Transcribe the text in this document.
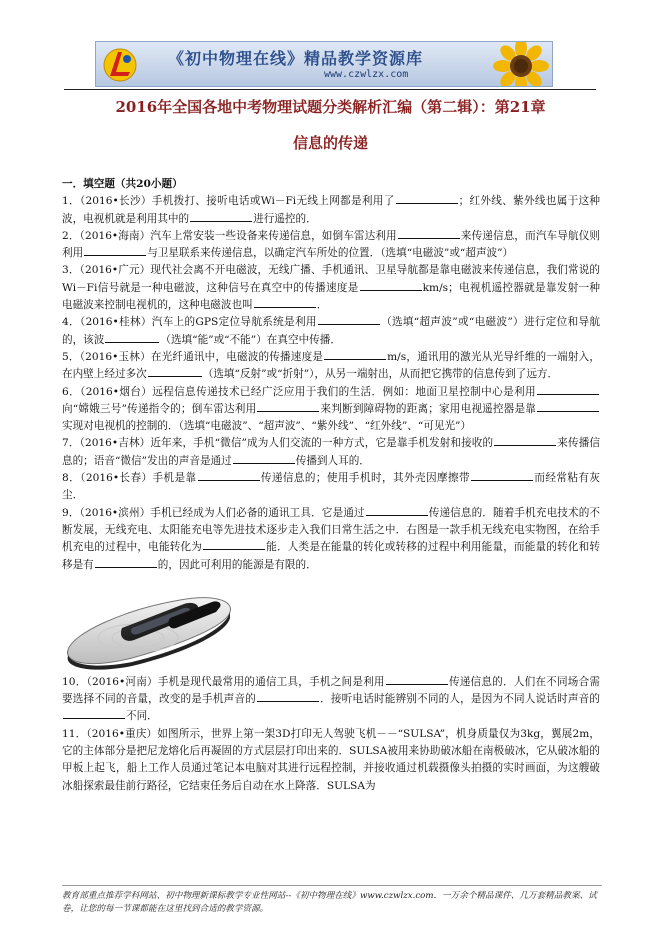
《初中物理在线》精品教学资源库
www.czwlzx.com
2016年全国各地中考物理试题分类解析汇编（第二辑）：第21章
信息的传递

一．填空题（共20小题）

1．（2016•长沙）手机拨打、接听电话或Wi－Fi无线上网都是利用了	；红外线、紫外线也属于这种波，电视机就是利用其中的	进行遥控的．

2．（2016•海南）汽车上常安装一些设备来传递信息，如倒车雷达利用	来传递信息，而汽车导航仪则利用	与卫星联系来传递信息，以确定汽车所处的位置．（选填“电磁波”或“超声波”）

3．（2016•广元）现代社会离不开电磁波，无线广播、手机通讯、卫星导航都是靠电磁波来传递信息，我们常说的Wi－Fi信号就是一种电磁波，这种信号在真空中的传播速度是	km/s；电视机遥控器就是靠发射一种电磁波来控制电视机的，这种电磁波也叫	．

4．（2016•桂林）汽车上的GPS定位导航系统是利用	（选填“超声波”或“电磁波”）进行定位和导航的，该波	（选填“能”或“不能”）在真空中传播．

5．（2016•玉林）在光纤通讯中，电磁波的传播速度是	m/s，通讯用的激光从光导纤维的一端射入，在内壁上经过多次	（选填“反射”或“折射”），从另一端射出，从而把它携带的信息传到了远方．

6．（2016•烟台）远程信息传递技术已经广泛应用于我们的生活．例如：地面卫星控制中心是利用向“嫦娥三号”传递指令的；倒车雷达利用	来判断到障碍物的距离；家用电视遥控器是靠实现对电视机的控制的．（选填“电磁波”、“超声波”、“紫外线”、“红外线”、“可见光”）

7．（2016•吉林）近年来，手机“微信”成为人们交流的一种方式，它是靠手机发射和接收的	来传播信息的；语音“微信”发出的声音是通过	传播到人耳的．

8．（2016•长春）手机是靠	传递信息的；使用手机时，其外壳因摩擦带	而经常粘有灰尘．

9．（2016•滨州）手机已经成为人们必备的通讯工具．它是通过	传递信息的．随着手机充电技术的不断发展，无线充电、太阳能充电等先进技术逐步走入我们日常生活之中．右图是一款手机无线充电实物图，在给手机充电的过程中，电能转化为	能．人类是在能量的转化或转移的过程中利用能量，而能量的转化和转移是有	的，因此可利用的能源是有限的．

10．（2016•河南）手机是现代最常用的通信工具，手机之间是利用	传递信息的．人们在不同场合需要选择不同的音量，改变的是手机声音的	．接听电话时能辨别不同的人，是因为不同人说话时声音的不同．

11．（2016•重庆）如图所示，世界上第一架3D打印无人驾驶飞机－－“SULSA”，机身质量仅为3kg，翼展2m，它的主体部分是把尼龙熔化后再凝固的方式层层打印出来的．SULSA被用来协助破冰船在南极破冰，它从破冰船的甲板上起飞，船上工作人员通过笔记本电脑对其进行远程控制，并接收通过机载摄像头拍摄的实时画面，为这艘破冰船探索最佳前行路径，它结束任务后自动在水上降落．SULSA为

教育部重点推荐学科网站、初中物理新课标教学专业性网站--《初中物理在线》www.czwlzx.com．一万余个精品课件、几万套精品教案、试卷，让您的每一节课都能在这里找到合适的教学资源。
